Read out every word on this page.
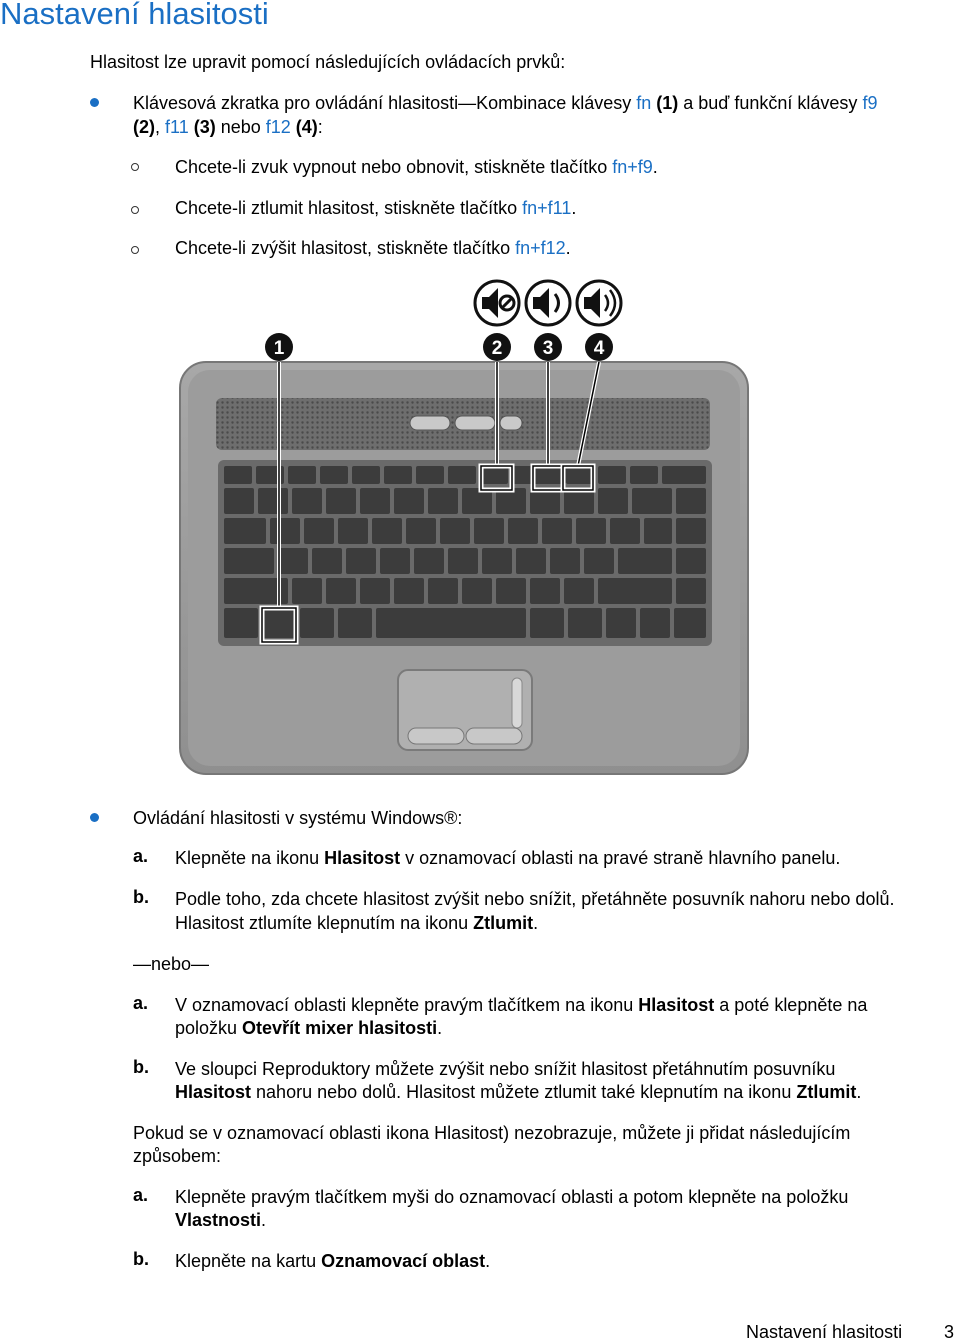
Nastavení hlasitosti
Hlasitost lze upravit pomocí následujících ovládacích prvků:
Klávesová zkratka pro ovládání hlasitosti—Kombinace klávesy fn (1) a buď funkční klávesy f9
(2), f11 (3) nebo f12 (4):
Chcete-li zvuk vypnout nebo obnovit, stiskněte tlačítko fn+f9.
Chcete-li ztlumit hlasitost, stiskněte tlačítko fn+f11.
Chcete-li zvýšit hlasitost, stiskněte tlačítko fn+f12.
1	2 3 4
Ovládání hlasitosti v systému Windows®:
a. Klepněte na ikonu Hlasitost v oznamovací oblasti na pravé straně hlavního panelu.
b. Podle toho, zda chcete hlasitost zvýšit nebo snížit, přetáhněte posuvník nahoru nebo dolů.
Hlasitost ztlumíte klepnutím na ikonu Ztlumit.
—nebo—
a. V oznamovací oblasti klepněte pravým tlačítkem na ikonu Hlasitost a poté klepněte na
položku Otevřít mixer hlasitosti.
b. Ve sloupci Reproduktory můžete zvýšit nebo snížit hlasitost přetáhnutím posuvníku
Hlasitost nahoru nebo dolů. Hlasitost můžete ztlumit také klepnutím na ikonu Ztlumit.
Pokud se v oznamovací oblasti ikona Hlasitost) nezobrazuje, můžete ji přidat následujícím
způsobem:
a. Klepněte pravým tlačítkem myši do oznamovací oblasti a potom klepněte na položku
Vlastnosti.
b. Klepněte na kartu Oznamovací oblast.
Nastavení hlasitosti 3
